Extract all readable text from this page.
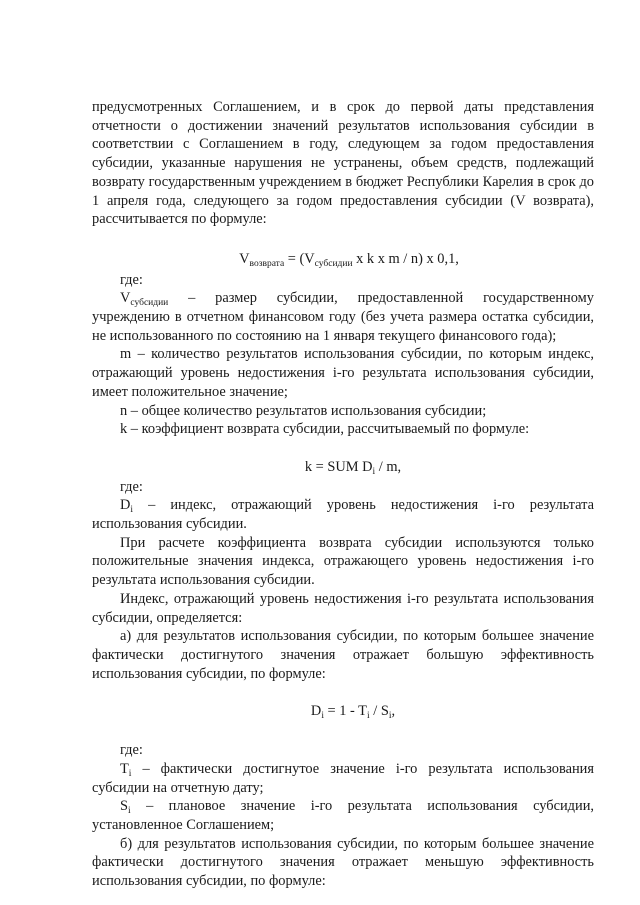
предусмотренных Соглашением, и в срок до первой даты представления отчетности о достижении значений результатов использования субсидии в соответствии с Соглашением в году, следующем за годом предоставления субсидии, указанные нарушения не устранены, объем средств, подлежащий возврату государственным учреждением в бюджет Республики Карелия в срок до 1 апреля года, следующего за годом предоставления субсидии (V возврата), рассчитывается по формуле:

$V_{возврата} = (V_{субсидии}$ x k x m / n) x 0,1,

где:

$V_{субсидии}$ – размер субсидии, предоставленной государственному учреждению в отчетном финансовом году (без учета размера остатка субсидии, не использованного по состоянию на 1 января текущего финансового года);

m – количество результатов использования субсидии, по которым индекс, отражающий уровень недостижения i-го результата использования субсидии, имеет положительное значение;

n – общее количество результатов использования субсидии;

k – коэффициент возврата субсидии, рассчитываемый по формуле:

k = SUM $D_i$ / m,

где:

$D_i$ – индекс, отражающий уровень недостижения i-го результата использования субсидии.

При расчете коэффициента возврата субсидии используются только положительные значения индекса, отражающего уровень недостижения i-го результата использования субсидии.

Индекс, отражающий уровень недостижения i-го результата использования субсидии, определяется:

а) для результатов использования субсидии, по которым большее значение фактически достигнутого значения отражает большую эффективность использования субсидии, по формуле:

$D_i = 1 - T_i / S_i$,

где:

$T_i$ – фактически достигнутое значение i-го результата использования субсидии на отчетную дату;

$S_i$ – плановое значение i-го результата использования субсидии, установленное Соглашением;

б) для результатов использования субсидии, по которым большее значение фактически достигнутого значения отражает меньшую эффективность использования субсидии, по формуле:
